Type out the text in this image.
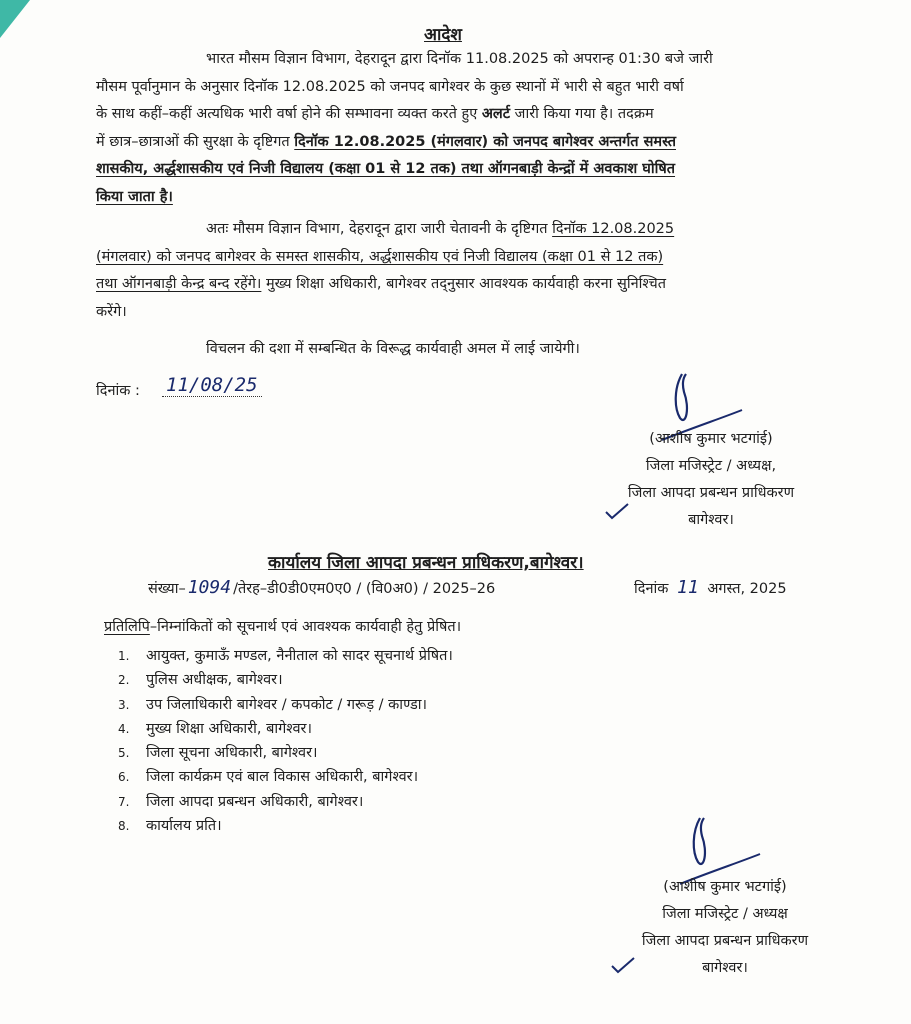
आदेश
भारत मौसम विज्ञान विभाग, देहरादून द्वारा दिनॉक 11.08.2025 को अपरान्ह 01:30 बजे जारी
मौसम पूर्वानुमान के अनुसार दिनॉक 12.08.2025 को जनपद बागेश्वर के कुछ स्थानों में भारी से बहुत भारी वर्षा
के साथ कहीं–कहीं अत्यधिक भारी वर्षा होने की सम्भावना व्यक्त करते हुए अलर्ट जारी किया गया है। तदक्रम
में छात्र–छात्राओं की सुरक्षा के दृष्टिगत दिनॉक 12.08.2025 (मंगलवार) को जनपद बागेश्वर अन्तर्गत समस्त
शासकीय, अर्द्धशासकीय एवं निजी विद्यालय (कक्षा 01 से 12 तक) तथा ऑगनबाड़ी केन्द्रों में अवकाश घोषित
किया जाता है।
अतः मौसम विज्ञान विभाग, देहरादून द्वारा जारी चेतावनी के दृष्टिगत दिनॉक 12.08.2025
(मंगलवार) को जनपद बागेश्वर के समस्त शासकीय, अर्द्धशासकीय एवं निजी विद्यालय (कक्षा 01 से 12 तक)
तथा ऑगनबाड़ी केन्द्र बन्द रहेंगे। मुख्य शिक्षा अधिकारी, बागेश्वर तद्नुसार आवश्यक कार्यवाही करना सुनिश्चित
करेंगे।
विचलन की दशा में सम्बन्धित के विरूद्ध कार्यवाही अमल में लाई जायेगी।
दिनांक : 11/08/25
(आशीष कुमार भटगांई)
जिला मजिस्ट्रेट / अध्यक्ष,
जिला आपदा प्रबन्धन प्राधिकरण
बागेश्वर।
कार्यालय जिला आपदा प्रबन्धन प्राधिकरण,बागेश्वर।
संख्या– 1094 /तेरह–डी0डी0एम0ए0 / (वि0अ0) / 2025–26	दिनांक 11 अगस्त, 2025
प्रतिलिपि–निम्नांकितों को सूचनार्थ एवं आवश्यक कार्यवाही हेतु प्रेषित।
1. आयुक्त, कुमाऊँ मण्डल, नैनीताल को सादर सूचनार्थ प्रेषित।
2. पुलिस अधीक्षक, बागेश्वर।
3. उप जिलाधिकारी बागेश्वर / कपकोट / गरूड़ / काण्डा।
4. मुख्य शिक्षा अधिकारी, बागेश्वर।
5. जिला सूचना अधिकारी, बागेश्वर।
6. जिला कार्यक्रम एवं बाल विकास अधिकारी, बागेश्वर।
7. जिला आपदा प्रबन्धन अधिकारी, बागेश्वर।
8. कार्यालय प्रति।
(आशीष कुमार भटगांई)
जिला मजिस्ट्रेट / अध्यक्ष
जिला आपदा प्रबन्धन प्राधिकरण
बागेश्वर।
